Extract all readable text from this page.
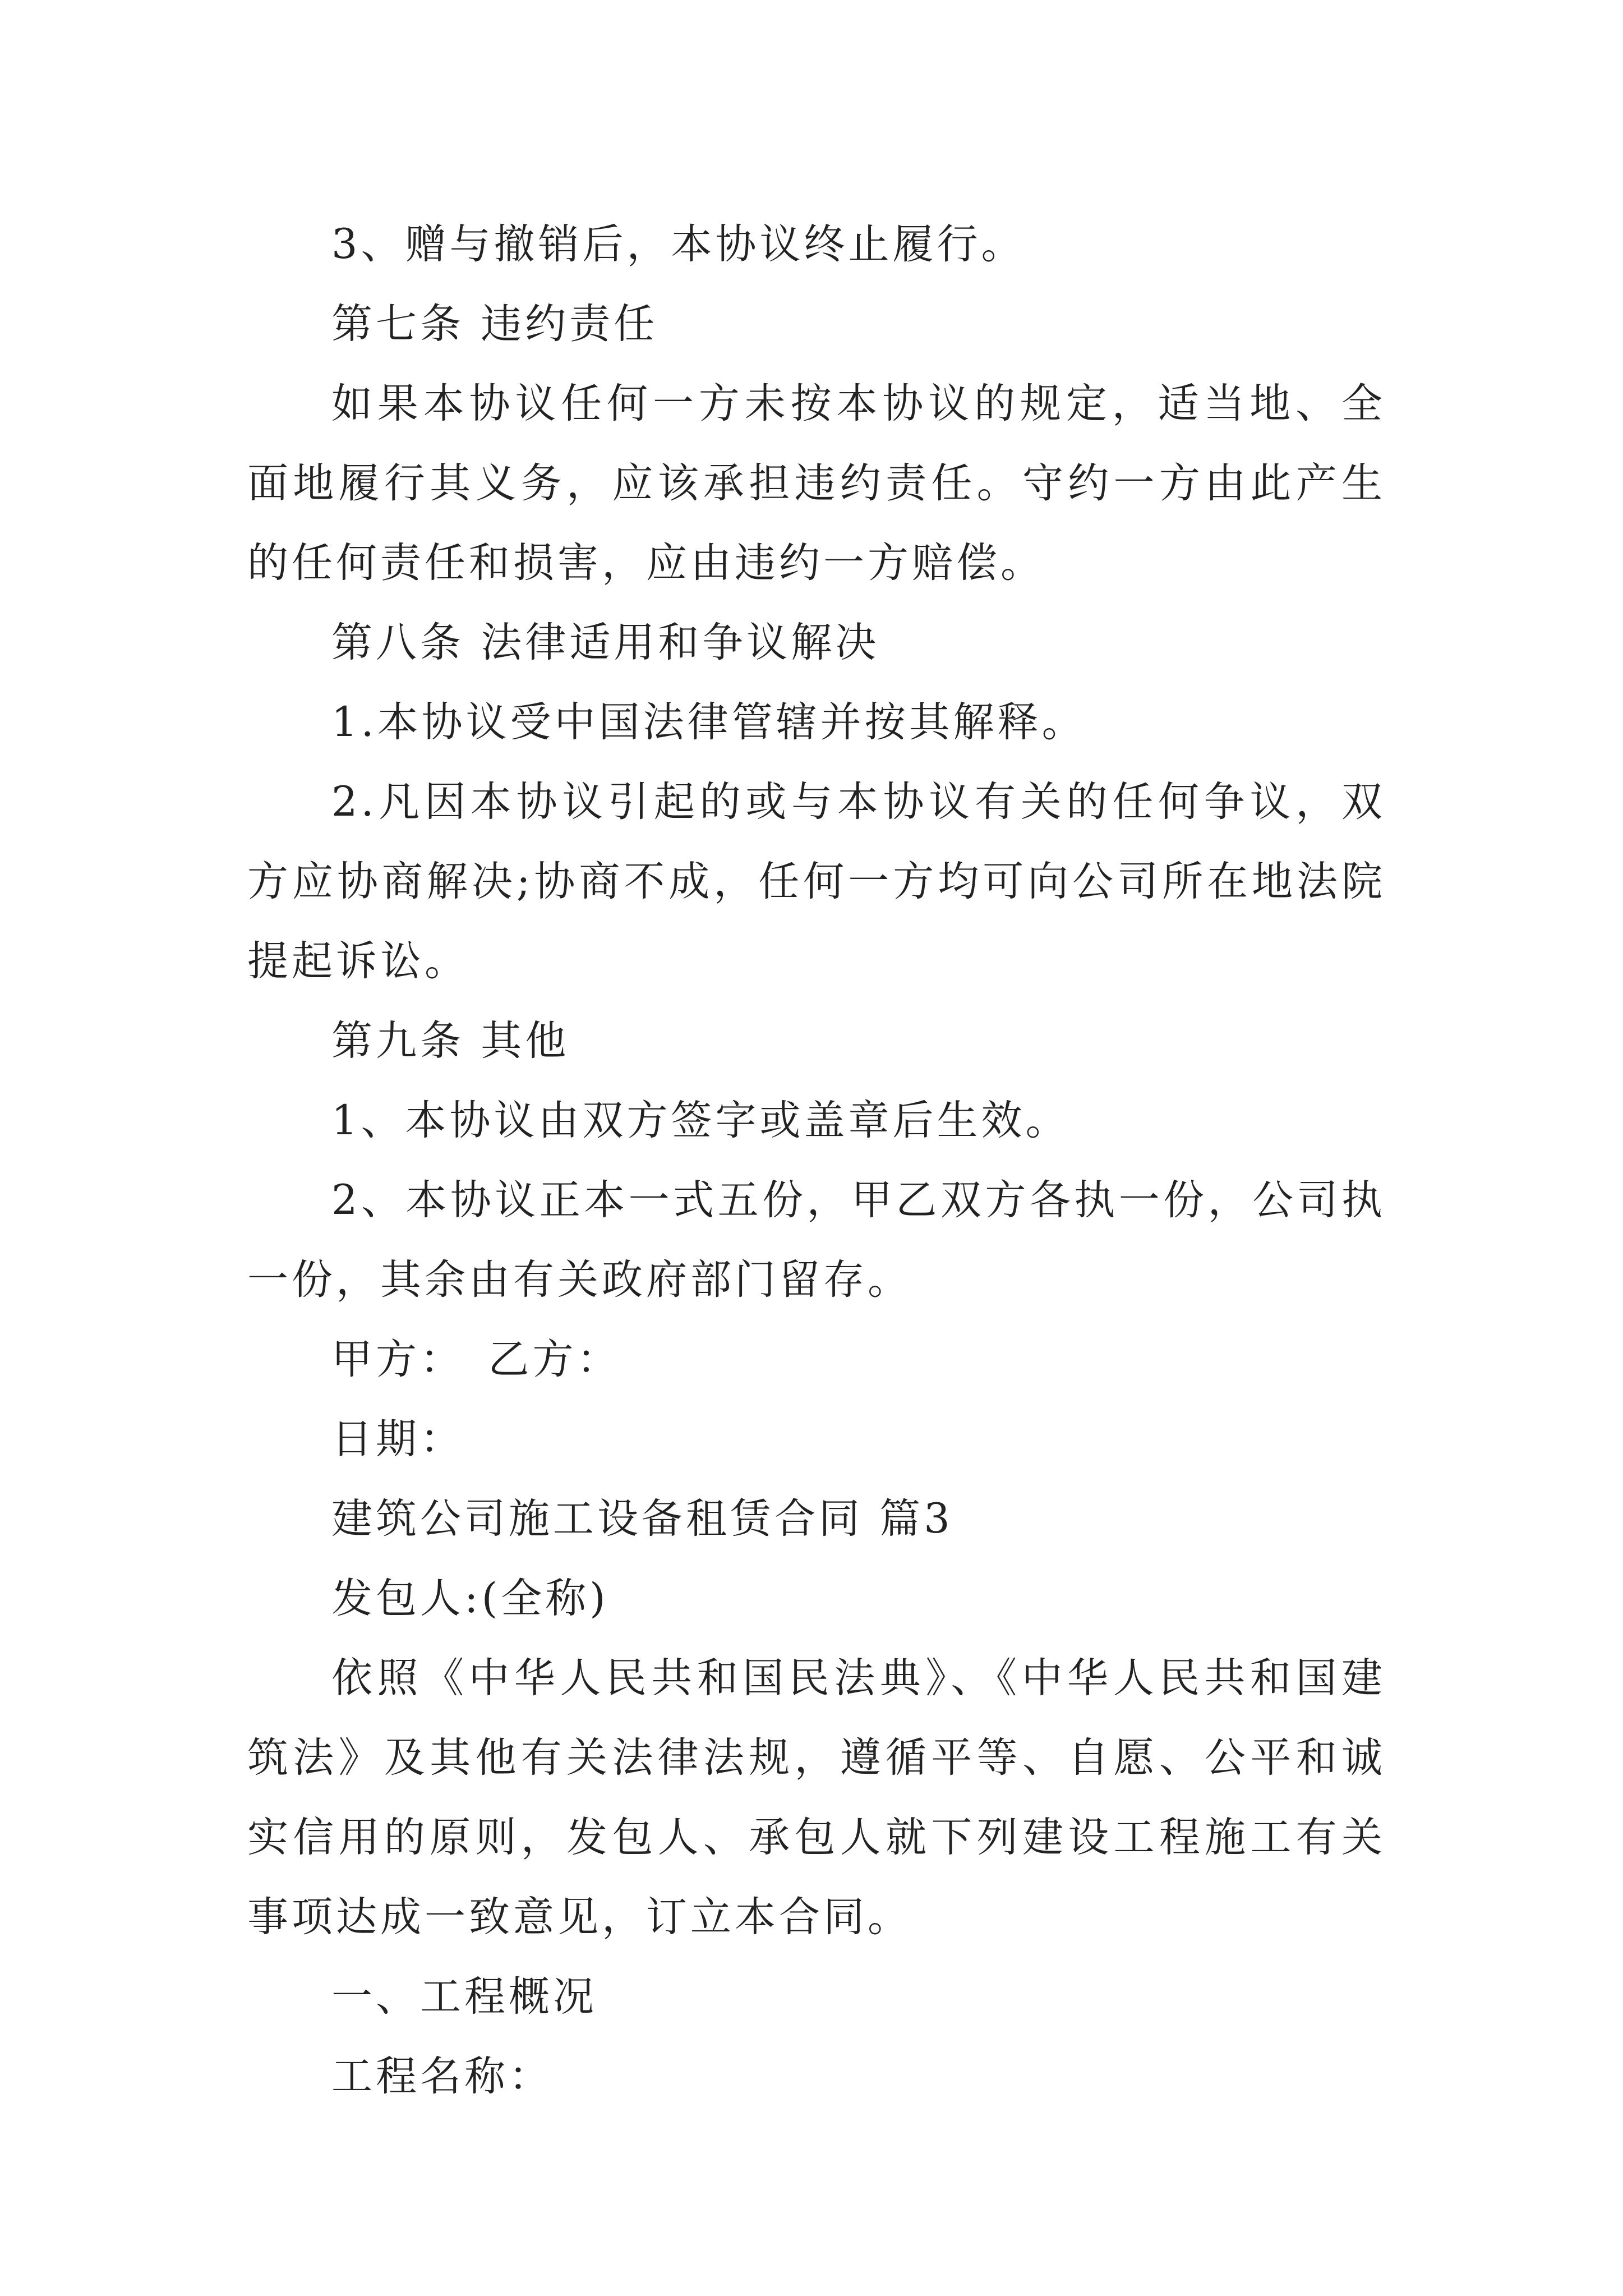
3、赠与撤销后，本协议终止履行。

第七条 违约责任

如果本协议任何一方未按本协议的规定，适当地、全面地履行其义务，应该承担违约责任。守约一方由此产生的任何责任和损害，应由违约一方赔偿。

第八条 法律适用和争议解决

1.本协议受中国法律管辖并按其解释。

2.凡因本协议引起的或与本协议有关的任何争议，双方应协商解决;协商不成，任何一方均可向公司所在地法院提起诉讼。

第九条 其他

1、本协议由双方签字或盖章后生效。

2、本协议正本一式五份，甲乙双方各执一份，公司执一份，其余由有关政府部门留存。

甲方：　乙方：

日期：

建筑公司施工设备租赁合同 篇3

发包人:(全称)

依照《中华人民共和国民法典》、《中华人民共和国建筑法》及其他有关法律法规，遵循平等、自愿、公平和诚实信用的原则，发包人、承包人就下列建设工程施工有关事项达成一致意见，订立本合同。

一、工程概况

工程名称：
